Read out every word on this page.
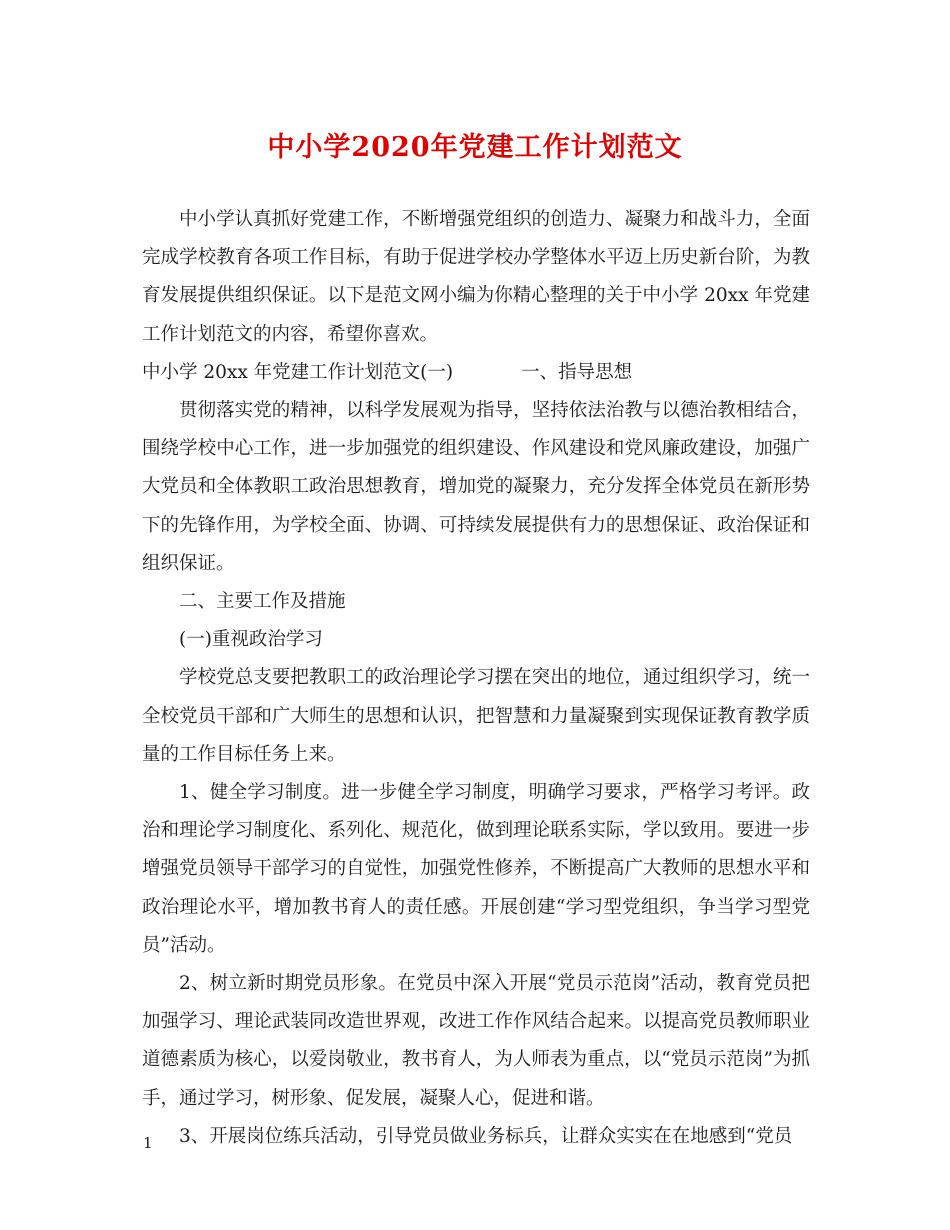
中小学2020年党建工作计划范文

中小学认真抓好党建工作，不断增强党组织的创造力、凝聚力和战斗力，全面完成学校教育各项工作目标，有助于促进学校办学整体水平迈上历史新台阶，为教育发展提供组织保证。以下是范文网小编为你精心整理的关于中小学 20xx 年党建工作计划范文的内容，希望你喜欢。

中小学 20xx 年党建工作计划范文(一)	一、指导思想

贯彻落实党的精神，以科学发展观为指导，坚持依法治教与以德治教相结合，围绕学校中心工作，进一步加强党的组织建设、作风建设和党风廉政建设，加强广大党员和全体教职工政治思想教育，增加党的凝聚力，充分发挥全体党员在新形势下的先锋作用，为学校全面、协调、可持续发展提供有力的思想保证、政治保证和组织保证。

二、主要工作及措施

(一)重视政治学习

学校党总支要把教职工的政治理论学习摆在突出的地位，通过组织学习，统一全校党员干部和广大师生的思想和认识，把智慧和力量凝聚到实现保证教育教学质量的工作目标任务上来。

1、健全学习制度。进一步健全学习制度，明确学习要求，严格学习考评。政治和理论学习制度化、系列化、规范化，做到理论联系实际，学以致用。要进一步增强党员领导干部学习的自觉性，加强党性修养，不断提高广大教师的思想水平和政治理论水平，增加教书育人的责任感。开展创建“学习型党组织，争当学习型党员”活动。

2、树立新时期党员形象。在党员中深入开展“党员示范岗”活动，教育党员把加强学习、理论武装同改造世界观，改进工作作风结合起来。以提高党员教师职业道德素质为核心，以爱岗敬业，教书育人，为人师表为重点，以“党员示范岗”为抓手，通过学习，树形象、促发展，凝聚人心，促进和谐。

3、开展岗位练兵活动，引导党员做业务标兵，让群众实实在在地感到“党员

1
